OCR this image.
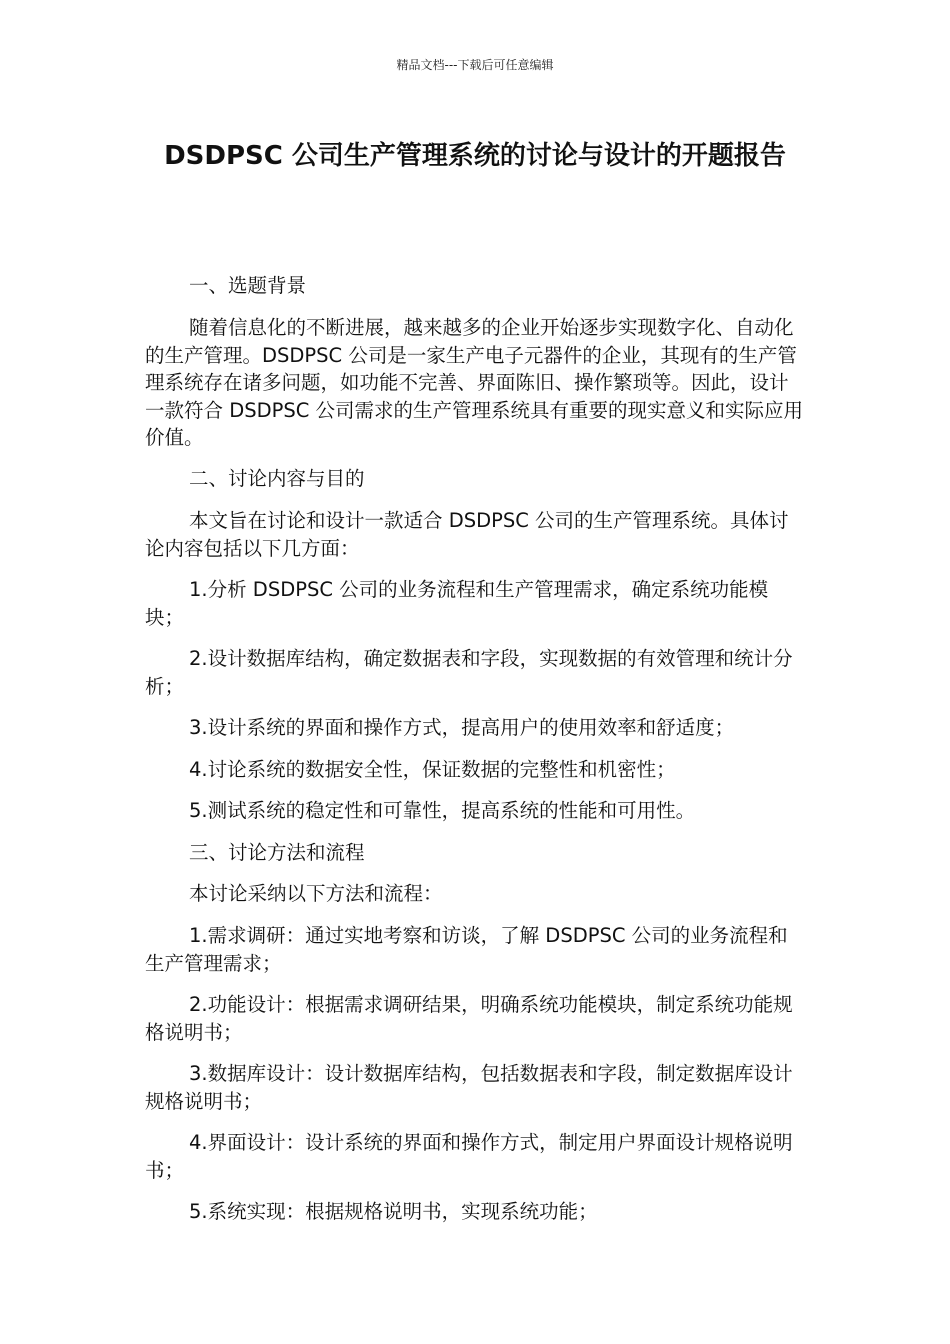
精品文档---下载后可任意编辑
DSDPSC 公司生产管理系统的讨论与设计的开题报告

一、选题背景

随着信息化的不断进展，越来越多的企业开始逐步实现数字化、自动化的生产管理。DSDPSC 公司是一家生产电子元器件的企业，其现有的生产管理系统存在诸多问题，如功能不完善、界面陈旧、操作繁琐等。因此，设计一款符合 DSDPSC 公司需求的生产管理系统具有重要的现实意义和实际应用价值。

二、讨论内容与目的

本文旨在讨论和设计一款适合 DSDPSC 公司的生产管理系统。具体讨论内容包括以下几方面：

1.分析 DSDPSC 公司的业务流程和生产管理需求，确定系统功能模块；

2.设计数据库结构，确定数据表和字段，实现数据的有效管理和统计分析；

3.设计系统的界面和操作方式，提高用户的使用效率和舒适度；

4.讨论系统的数据安全性，保证数据的完整性和机密性；

5.测试系统的稳定性和可靠性，提高系统的性能和可用性。

三、讨论方法和流程

本讨论采纳以下方法和流程：

1.需求调研：通过实地考察和访谈，了解 DSDPSC 公司的业务流程和生产管理需求；

2.功能设计：根据需求调研结果，明确系统功能模块，制定系统功能规格说明书；

3.数据库设计：设计数据库结构，包括数据表和字段，制定数据库设计规格说明书；

4.界面设计：设计系统的界面和操作方式，制定用户界面设计规格说明书；

5.系统实现：根据规格说明书，实现系统功能；
